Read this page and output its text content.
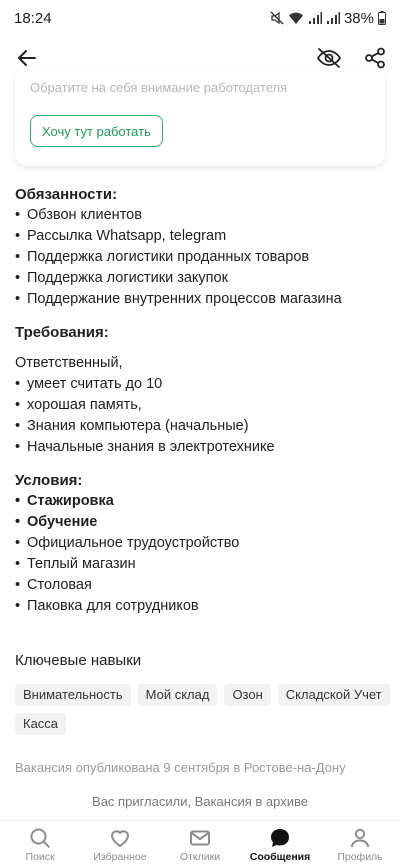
18:24	38%
Обратите на себя внимание работодателя
Хочу тут работать
Обязанности:
• Обзвон клиентов
• Рассылка Whatsapp, telegram
• Поддержка логистики проданных товаров
• Поддержка логистики закупок
• Поддержание внутренних процессов магазина
Требования:
Ответственный,
• умеет считать до 10
• хорошая память,
• Знания компьютера (начальные)
• Начальные знания в электротехнике
Условия:
• Стажировка
• Обучение
• Официальное трудоустройство
• Теплый магазин
• Столовая
• Паковка для сотрудников
Ключевые навыки
Внимательность	Мой склад	Озон	Складской Учет
Касса
Вакансия опубликована 9 сентября в Ростове-на-Дону
Вас пригласили, Вакансия в архиве
Поиск	Избранное	Отклики	Сообщения	Профиль
